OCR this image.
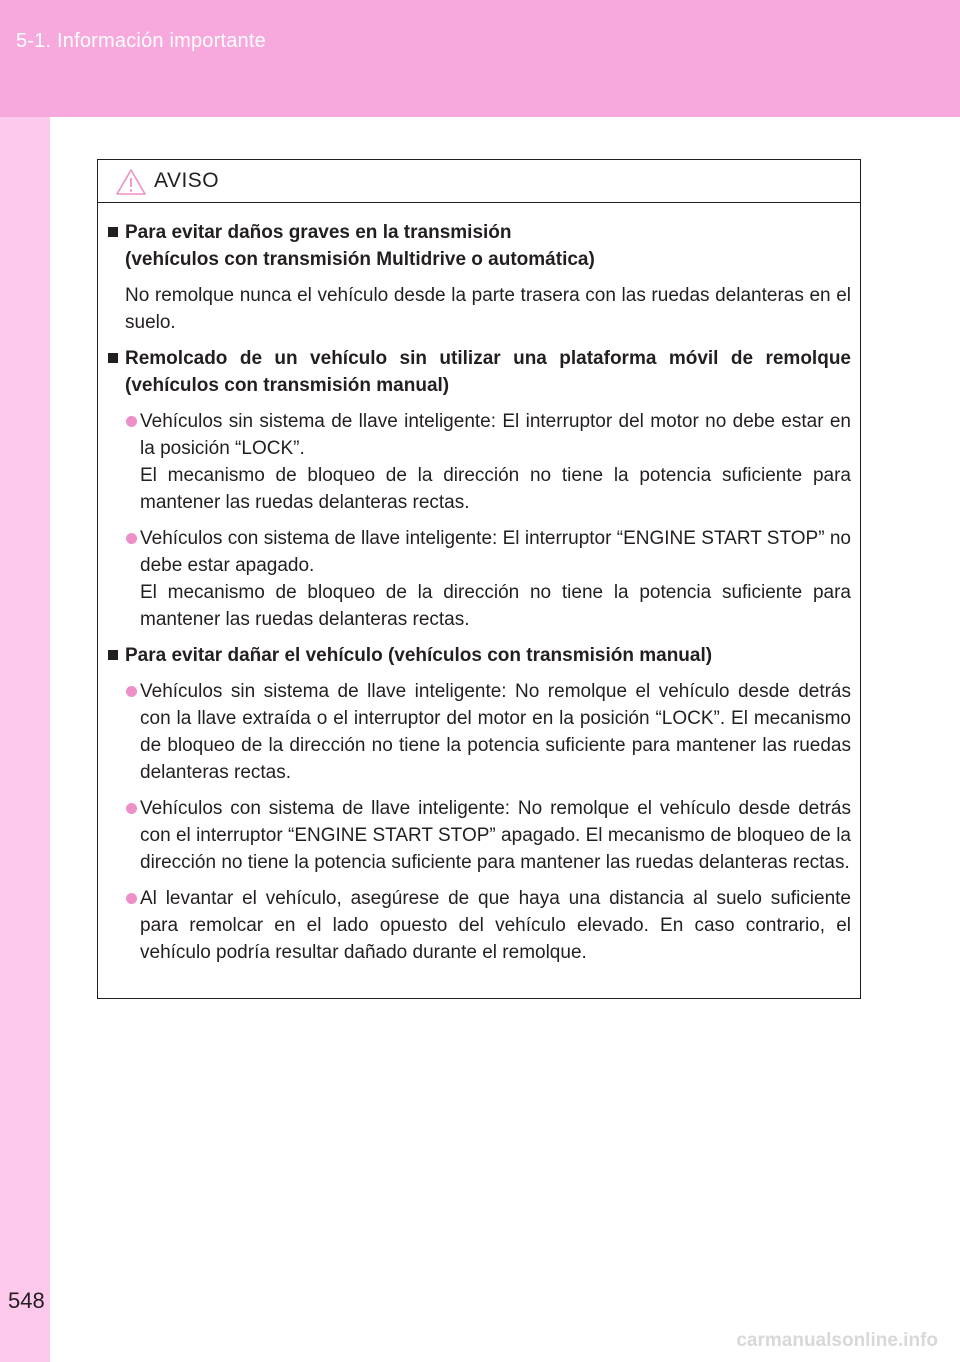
5-1. Información importante
AVISO
Para evitar daños graves en la transmisión
(vehículos con transmisión Multidrive o automática)
No remolque nunca el vehículo desde la parte trasera con las ruedas delanteras en el suelo.
Remolcado de un vehículo sin utilizar una plataforma móvil de remolque (vehículos con transmisión manual)
Vehículos sin sistema de llave inteligente: El interruptor del motor no debe estar en la posición “LOCK”.
El mecanismo de bloqueo de la dirección no tiene la potencia suficiente para mantener las ruedas delanteras rectas.
Vehículos con sistema de llave inteligente: El interruptor “ENGINE START STOP” no debe estar apagado.
El mecanismo de bloqueo de la dirección no tiene la potencia suficiente para mantener las ruedas delanteras rectas.
Para evitar dañar el vehículo (vehículos con transmisión manual)
Vehículos sin sistema de llave inteligente: No remolque el vehículo desde detrás con la llave extraída o el interruptor del motor en la posición “LOCK”. El mecanismo de bloqueo de la dirección no tiene la potencia suficiente para mantener las ruedas delanteras rectas.
Vehículos con sistema de llave inteligente: No remolque el vehículo desde detrás con el interruptor “ENGINE START STOP” apagado. El mecanismo de bloqueo de la dirección no tiene la potencia suficiente para mantener las ruedas delanteras rectas.
Al levantar el vehículo, asegúrese de que haya una distancia al suelo suficiente para remolcar en el lado opuesto del vehículo elevado. En caso contrario, el vehículo podría resultar dañado durante el remolque.
548
carmanualsonline.info
